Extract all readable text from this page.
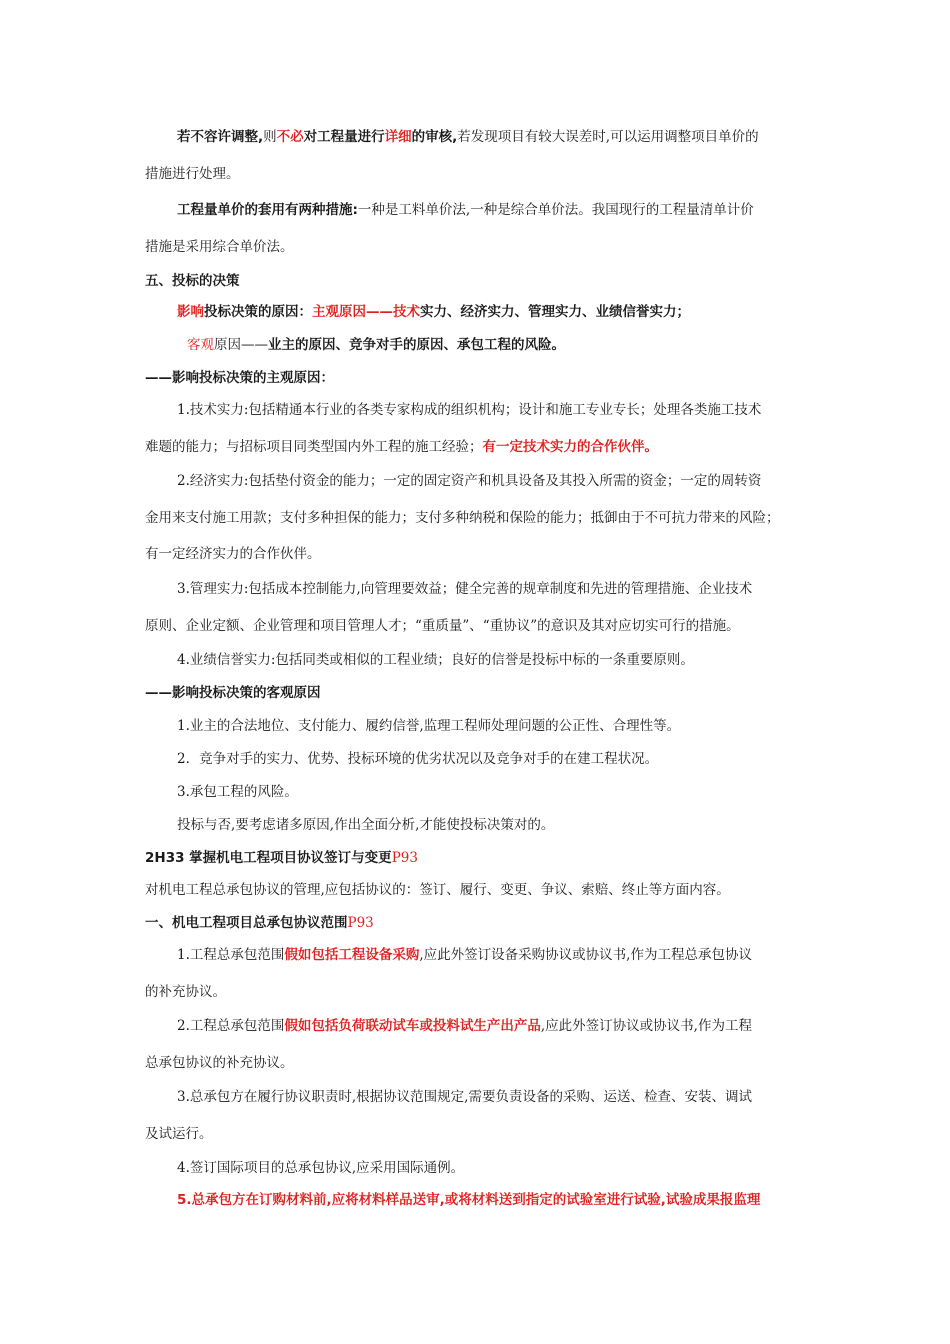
若不容许调整,则不必对工程量进行详细的审核,若发现项目有较大误差时,可以运用调整项目单价的
措施进行处理。
工程量单价的套用有两种措施:一种是工料单价法,一种是综合单价法。我国现行的工程量清单计价
措施是采用综合单价法。
五、投标的决策
影响投标决策的原因：主观原因——技术实力、经济实力、管理实力、业绩信誉实力；
客观原因——业主的原因、竞争对手的原因、承包工程的风险。
——影响投标决策的主观原因：
1.技术实力:包括精通本行业的各类专家构成的组织机构；设计和施工专业专长；处理各类施工技术
难题的能力；与招标项目同类型国内外工程的施工经验；有一定技术实力的合作伙伴。
2.经济实力:包括垫付资金的能力；一定的固定资产和机具设备及其投入所需的资金；一定的周转资
金用来支付施工用款；支付多种担保的能力；支付多种纳税和保险的能力；抵御由于不可抗力带来的风险；
有一定经济实力的合作伙伴。
3.管理实力:包括成本控制能力,向管理要效益；健全完善的规章制度和先进的管理措施、企业技术
原则、企业定额、企业管理和项目管理人才；“重质量”、“重协议”的意识及其对应切实可行的措施。
4.业绩信誉实力:包括同类或相似的工程业绩；良好的信誉是投标中标的一条重要原则。
——影响投标决策的客观原因
1.业主的合法地位、支付能力、履约信誉,监理工程师处理问题的公正性、合理性等。
2．竞争对手的实力、优势、投标环境的优劣状况以及竞争对手的在建工程状况。
3.承包工程的风险。
投标与否,要考虑诸多原因,作出全面分析,才能使投标决策对的。
2H33 掌握机电工程项目协议签订与变更P93
对机电工程总承包协议的管理,应包括协议的：签订、履行、变更、争议、索赔、终止等方面内容。
一、机电工程项目总承包协议范围P93
1.工程总承包范围假如包括工程设备采购,应此外签订设备采购协议或协议书,作为工程总承包协议
的补充协议。
2.工程总承包范围假如包括负荷联动试车或投料试生产出产品,应此外签订协议或协议书,作为工程
总承包协议的补充协议。
3.总承包方在履行协议职责时,根据协议范围规定,需要负责设备的采购、运送、检查、安装、调试
及试运行。
4.签订国际项目的总承包协议,应采用国际通例。
5.总承包方在订购材料前,应将材料样品送审,或将材料送到指定的试验室进行试验,试验成果报监理
